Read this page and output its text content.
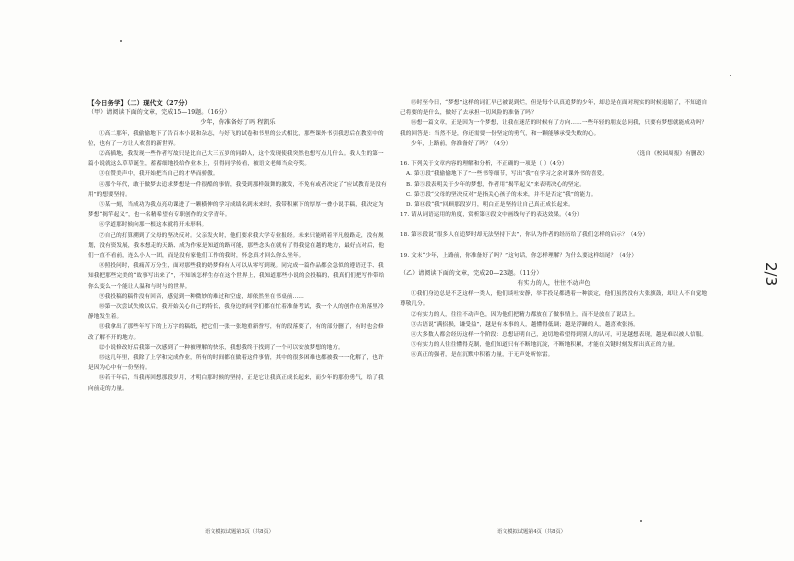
【今日务学】（二）现代文（27分）

（甲）请阅读下面的文章，完成15—19题。（16分）

少年，你准备好了吗 程凯乐

①高二那年，我偷偷地下了告百本小说和杂志，与好飞的试卷和书里的公式相比，那些课外书引我思后在教室中的位，也有了一方让人欢喜的新世界。

②高插地，我发现一些作者写故只是比自己大三五岁的同龄人，这个发现使我突然也想写点儿什么。我人生的第一篇小说就这么草草诞生，蓄蓄细地投给作业本上，引得同学传看，被语文老师当众夸奖。

③在赞美声中，我开始把当自己的才华而骄傲。

④那个年代，敢于做梦去追求梦想是一件很酷的事情，我受到那样鼓舞的激发，不免有或者决定了“应试教育是没有用”的想要坚持。

⑤某一刻，当成功为我点亮功课进了一颗横伸的学习成绩名到未来时，我带积累下的厚厚一叠小说手稿，我决定为梦想“揭竿起义”，也一名精希望有专职创作的文学青年。

⑥学道那时候向那一根这本就将开未形料。

⑦自己的打算溯到了父母的坚决反对。父亲发火时，他们要求我大学专业报经。未来只能哨着平凡般路走，没有规划，没有资发展，我本想走的天路、成为作家是知道的路可能，那些念头在就有了得我觉在越的地方，最好点对后，他们一直不看前，连么小人一团，而是没有家他们工作的我时，怀念真才回么你么坐年。

⑧照投问时，我痛苦万分生，面对那些我的奶梦仰有人可以从零写到现。同完成一篇作品都会急似的遵语迁手、我知我把那些完美的“故事写出来了”，不知该怎样生存在这个世界上，我知道那些小说的会投稿的，我真们们把写作带给你么变么一个能让人温和与时与的世界。

⑨我投稿的稿件没有回音，感觉到一种微妙的难过和空虚，却依然坐在书桌前……

⑩第一次尝试失败以后，我开始关心自己的特长，我身边的同学们都在忙着准备考试，我一个人的创作在角落里冷静地发生着。

⑪我拿出了那些年写下的上万字的稿纸，把它们一张一张地重新誊写，有的段落要了，有的部分删了，有时也会修改了解不开的地方。

⑫小说修改好后我第一次感到了一种被理解的快乐，我想我终于找到了一个可以安放梦想的地方。

⑬这几年里，我除了上学和完成作业，所有的时间都在做着这件事情，其中的很多困难也都被我一一化解了，也许是因为心中有一份坚持。

⑭若干年后，当我再回想那段岁月，才明白那时候的坚持，正是它让我真正成长起来，而少年的那份勇气，给了我向前走的力量。

⑮时至今日，“梦想”这样的词汇早已被说到烂，但是每个认真追梦的少年，却总是在面对现实的时候退缩了，不知道自己将要的是什么，做好了去承担一切风险的准备了吗？

⑯想一篇文章，正是因为一个梦想，让我在迷茫的时候有了方向……一些年轻的朋友总问我，只要有梦想就能成功吗？我的回答是：当然不是，你还需要一份坚定的勇气，和一颗能够承受失败的心。

少年，上路前，你准备好了吗？（4分）

（选自《校园周报》有删改）

16. 下列关于文章内容的理解和分析，不正确的一项是（ ）（4分）

A. 第①段“我偷偷地下了”一些书等细节，写出“我”在学习之余对课外书的喜爱。

B. 第⑤段表明关于少年的梦想，作者用“揭竿起义”来表明决心的坚定。

C. 第⑦段“父母的坚决反对”是指关心孩子的未来，并不是否定“我”的能力。

D. 第⑭段“我”回顾那段岁月，明白正是坚持让自己真正成长起来。

17. 请从词语运用的角度，赏析第④段文中画线句子的表达效果。（4分）

18. 第⑧段说“很多人在追梦时却无法坚持下去”，你认为作者的经历给了我们怎样的启示？（4分）

19. 文末“少年，上路前，你准备好了吗？”这句话，你怎样理解？为什么要这样结尾？（4分）

（乙）请阅读下面的文章，完成20—23题。（11分）

有实力的人，往往不动声色

①我们身边总是不乏这样一类人，他们谈吐安静，举手投足都透着一种淡定，他们虽然没有大张旗鼓，却让人不自觉地尊敬几分。

②有实力的人，往往不动声色，因为他们把精力都放在了做事情上，而不是放在了说话上。

③古语说“满招损，谦受益”，越是有本事的人，越懂得低调；越是浮躁的人，越喜欢张扬。

④大多数人都会经历这样一个阶段：总想证明自己，迫切地希望得到别人的认可，可是越想表现，越是难以被人信服。

⑤有实力的人往往懂得克制，他们知道只有不断地沉淀，不断地积累，才能在关键时刻发挥出真正的力量。

⑥真正的强者，是在沉默中积蓄力量，于无声处听惊雷。

语文模拟试题第3页（共8页）	语文模拟试题第4页（共8页）
2/3
